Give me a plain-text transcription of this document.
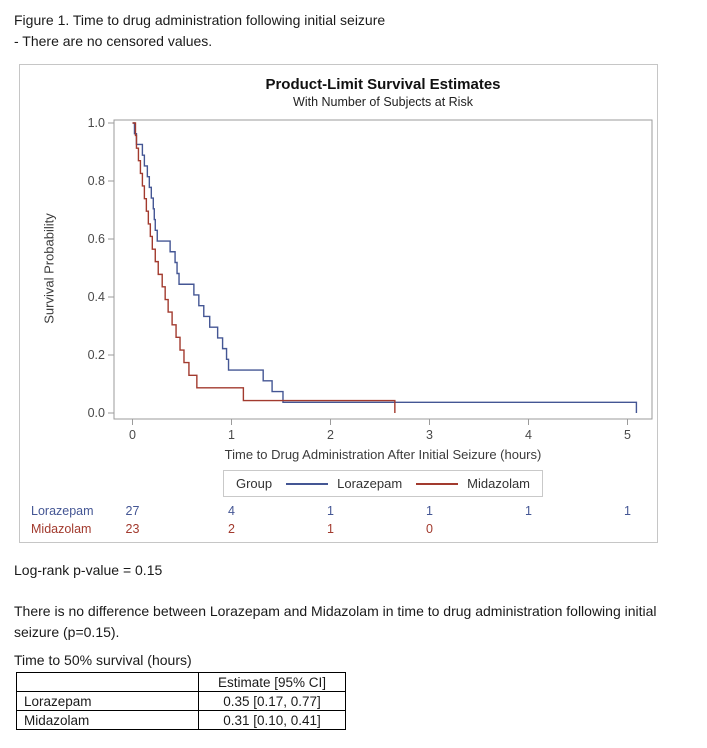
Figure 1. Time to drug administration following initial seizure
- There are no censored values.
Product-Limit Survival Estimates
With Number of Subjects at Risk
0.0
0.2
0.4
0.6
0.8
1.0
0	1	2	3	4	5
Survival Probability
Time to Drug Administration After Initial Seizure (hours)
Group	Lorazepam	Midazolam
Lorazepam	27	4	1	1	1	1
Midazolam	23	2	1	0
Log-rank p-value = 0.15
There is no difference between Lorazepam and Midazolam in time to drug administration following initial seizure (p=0.15).
Time to 50% survival (hours)
	Estimate [95% CI]
Lorazepam	0.35 [0.17, 0.77]
Midazolam	0.31 [0.10, 0.41]
